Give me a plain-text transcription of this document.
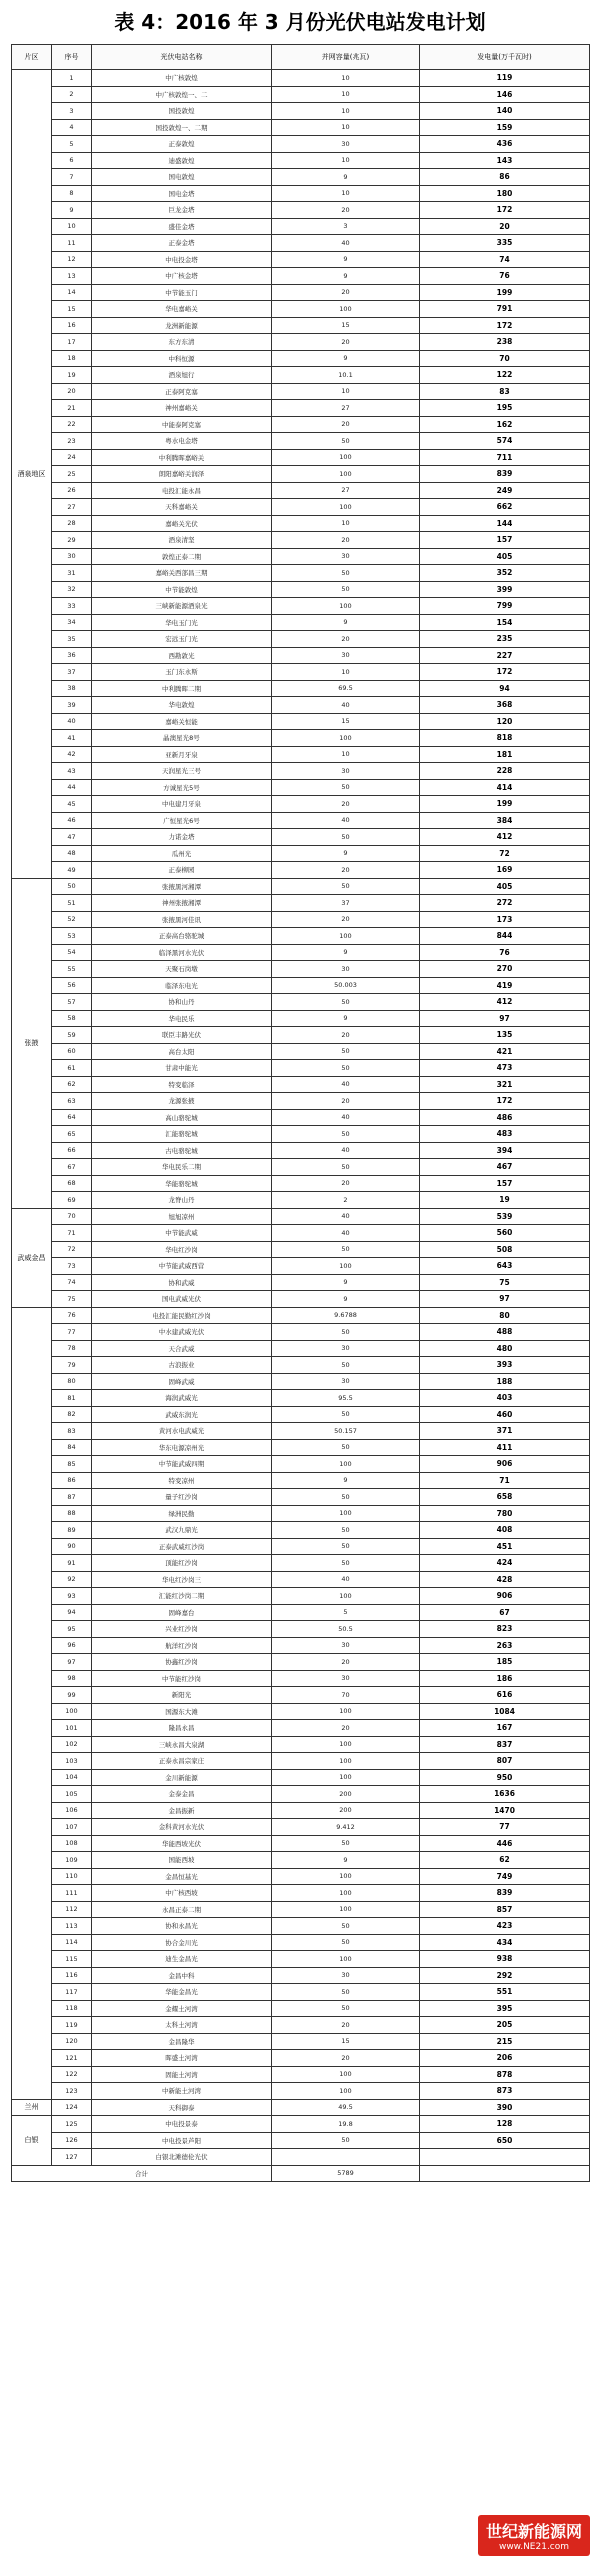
表 4：2016 年 3 月份光伏电站发电计划
片区	序号	光伏电站名称	并网容量(兆瓦)	发电量(万千瓦时)
酒泉地区	1	中广核敦煌	10	119
	2	中广核敦煌一、二	10	146
	3	国投敦煌	10	140
	4	国投敦煌一、二期	10	159
	5	正泰敦煌	30	436
	6	迪盛敦煌	10	143
	7	国电敦煌	9	86
	8	国电金塔	10	180
	9	巨龙金塔	20	172
	10	盛佳金塔	3	20
	11	正泰金塔	40	335
	12	中电投金塔	9	74
	13	中广核金塔	9	76
	14	中节能玉门	20	199
	15	华电嘉峪关	100	791
	16	龙洲新能源	15	172
	17	东方东清	20	238
	18	中科恒源	9	70
	19	酒泉旭行	10.1	122
	20	正泰阿克塞	10	83
	21	神州嘉峪关	27	195
	22	中能泰阿克塞	20	162
	23	粤水电金塔	50	574
	24	中利腾晖嘉峪关	100	711
	25	朗阳嘉峪关润泽	100	839
	26	电投汇能永昌	27	249
	27	天科嘉峪关	100	662
	28	嘉峪关光伏	10	144
	29	酒泉清坚	20	157
	30	敦煌正泰二期	30	405
	31	嘉峪关西部昌三期	50	352
	32	中节能敦煌	50	399
	33	三峡新能源酒泉光	100	799
	34	华电玉门光	9	154
	35	宏远玉门光	20	235
	36	西勘敦光	30	227
	37	玉门东永斯	10	172
	38	中利腾晖二期	69.5	94
	39	华电敦煌	40	368
	40	嘉峪关恒能	15	120
	41	晶澳星光8号	100	818
	42	亚新月牙泉	10	181
	43	天润星光三号	30	228
	44	方诚星光5号	50	414
	45	中电建月牙泉	20	199
	46	广恒星光6号	40	384
	47	力诺金塔	50	412
	48	瓜州光	9	72
	49	正泰柳园	20	169
张掖	50	张掖黑河湘潭	50	405
	51	神州张掖湘潭	37	272
	52	张掖黑河佳讯	20	173
	53	正泰高台骆驼城	100	844
	54	临泽黑河水光伏	9	76
	55	天聚石岗墩	30	270
	56	临泽东电光	50.003	419
	57	协和山丹	50	412
	58	华电民乐	9	97
	59	联臣丰路光伏	20	135
	60	高台太阳	50	421
	61	甘肃中能光	50	473
	62	特变临泽	40	321
	63	龙源张掖	20	172
	64	高山骆驼城	40	486
	65	汇能骆驼城	50	483
	66	古电骆驼城	40	394
	67	华电民乐二期	50	467
	68	华能骆驼城	20	157
	69	龙脊山丹	2	19
武威金昌	70	旭旭凉州	40	539
	71	中节能武威	40	560
	72	华电红沙岗	50	508
	73	中节能武威西营	100	643
	74	协和武威	9	75
	75	国电武威光伏	9	97
	76	电投汇能民勤红沙岗	9.6788	80
	77	中水建武威光伏	50	488
	78	天合武威	30	480
	79	古浪振业	50	393
	80	固峰武威	30	188
	81	海润武威光	95.5	403
	82	武威东润光	50	460
	83	黄河水电武威光	50.157	371
	84	华东电源凉州光	50	411
	85	中节能武威四期	100	906
	86	特变凉州	9	71
	87	量子红沙岗	50	658
	88	绿洲民勤	100	780
	89	武汉九鼎光	50	408
	90	正泰武威红沙岗	50	451
	91	顶能红沙岗	50	424
	92	华电红沙岗三	40	428
	93	汇能红沙岗二期	100	906
	94	固峰嘉台	5	67
	95	兴业红沙岗	50.5	823
	96	航洋红沙岗	30	263
	97	协鑫红沙岗	20	185
	98	中节能红沙岗	30	186
	99	新阳光	70	616
	100	国源东大滩	100	1084
	101	隆昌永昌	20	167
	102	三峡永昌大泉湖	100	837
	103	正泰永昌宗家庄	100	807
	104	金川新能源	100	950
	105	金泰金昌	200	1636
	106	金昌振新	200	1470
	107	金科黄河水光伏	9.412	77
	108	华能西坡光伏	50	446
	109	国能西坡	9	62
	110	金昌恒基光	100	749
	111	中广核西坡	100	839
	112	永昌正泰二期	100	857
	113	协和永昌光	50	423
	114	协合金川光	50	434
	115	迪生金昌光	100	938
	116	金昌中科	30	292
	117	华能金昌光	50	551
	118	金耀土河湾	50	395
	119	太科土河湾	20	205
	120	金昌隆华	15	215
	121	晖盛土河湾	20	206
	122	固能土河湾	100	878
	123	中新能土河湾	100	873
兰州	124	天科御泰	49.5	390
白银	125	中电投景泰	19.8	128
	126	中电投景芦阳	50	650
	127	白银北滩德伦光伏		
合计			5789	
世纪新能源网
www.NE21.com
